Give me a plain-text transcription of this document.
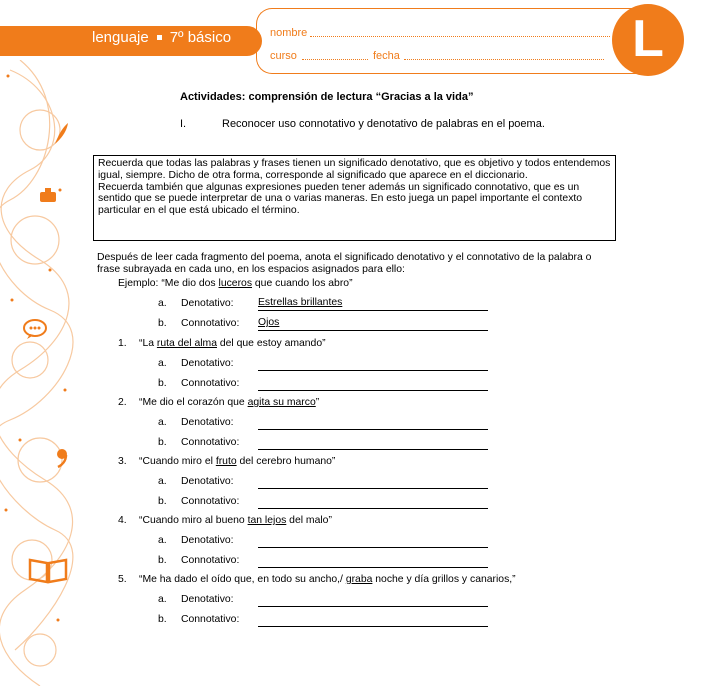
lenguaje 7º básico	nombre
curso	fecha	L
Actividades: comprensión de lectura “Gracias a la vida”
I.	Reconocer uso connotativo y denotativo de palabras en el poema.

Recuerda que todas las palabras y frases tienen un significado denotativo, que es objetivo y todos entendemos igual, siempre. Dicho de otra forma, corresponde al significado que aparece en el diccionario.

Recuerda también que algunas expresiones pueden tener además un significado connotativo, que es un sentido que se puede interpretar de una o varias maneras. En esto juega un papel importante el contexto particular en el que está ubicado el término.

Después de leer cada fragmento del poema, anota el significado denotativo y el connotativo de la palabra o frase subrayada en cada uno, en los espacios asignados para ello:
Ejemplo: “Me dio dos luceros que cuando los abro”
a. Denotativo: Estrellas brillantes
b. Connotativo: Ojos
1. “La ruta del alma del que estoy amando”
a. Denotativo:
b. Connotativo:
2. “Me dio el corazón que agita su marco”
a. Denotativo:
b. Connotativo:
3. “Cuando miro el fruto del cerebro humano”
a. Denotativo:
b. Connotativo:
4. “Cuando miro al bueno tan lejos del malo”
a. Denotativo:
b. Connotativo:
5. “Me ha dado el oído que, en todo su ancho,/ graba noche y día grillos y canarios,”
a. Denotativo:
b. Connotativo:
